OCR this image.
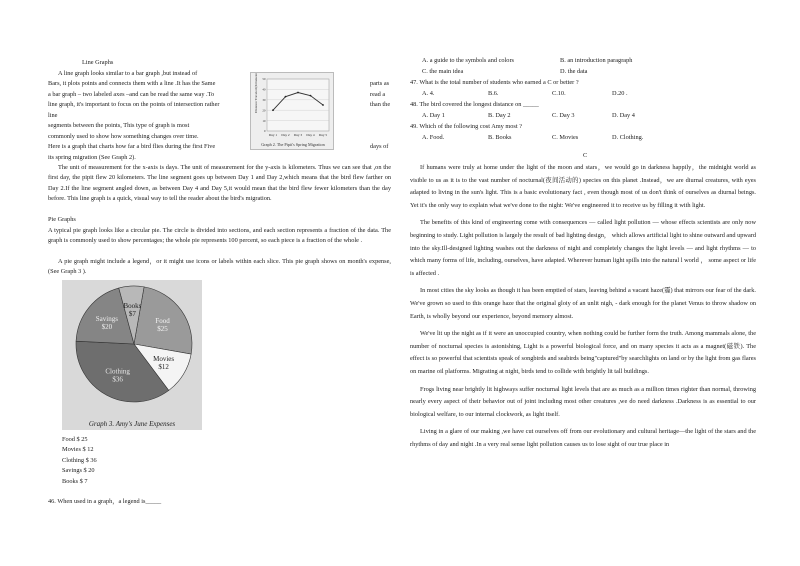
Line Graphs

A line graph looks similar to a bar graph ,but instead of

Bars, it plots points and connects them with a line .It has the Same

a bar graph – two labeled axes –and can be read the same way .To

line graph, it's important to focus on the points of intersection rather

line

segments between the points, This type of graph is most

commonly used to show how something changes over time.

Here is a graph that charts how far a bird flies during the first Five

its spring migration (See Graph 2).

parts as

read a

than the

days of

50
40
30
20
10
0
Day 1 Day 2 Day 3 Day 4 Day 5
Distance Traveled (Kilometers)
Graph 2. The Pipit's Spring Migration

The unit of measurement for the x-axis is days. The unit of measurement for the y-axis is kilometers. Thus we can see that ,on the first day, the pipit flew 20 kilometers. The line segment goes up between Day 1 and Day 2,which means that the bird flew farther on Day 2.If the line segment angled down, as between Day 4 and Day 5,it would mean that the bird flew fewer kilometers than the day before. This line graph is a quick, visual way to tell the reader about the bird's migration.

Pie Graphs

A typical pie graph looks like a circular pie. The circle is divided into sections, and each section represents a fraction of the data. The graph is commonly used to show percentages; the whole pie represents 100 percent, so each piece is a fraction of the whole .

A pie graph might include a legend，or it might use icons or labels within each slice. This pie graph shows on month's expense, (See Graph 3 ).

Food
$25
Movies
$12
Clothing
$36
Savings
$20
Books
$7
Graph 3. Amy's June Expenses

Food $ 25

Movies $ 12

Clothing $ 36

Savings $ 20

Books $ 7

46. When used in a graph，a legend is_____

A. a guide to the symbols and colors	B. an introduction paragraph
C. the main idea	D. the data
47. What is the total number of students who earned a C or better ?
A. 4.	B.6.	C.10.	D.20 .
48. The bird covered the longest distance on _____
A. Day 1	B. Day 2	C. Day 3	D. Day 4
49. Which of the following cost Amy most ?
A. Food.	B. Books	C. Movies	D. Clothing.
C

If humans were truly at home under the light of the moon and stars，we would go in darkness happily，the midnight world as visible to us as it is to the vast number of nocturnal(夜间活动的) species on this planet .Instead，we are diurnal creatures, with eyes adapted to living in the sun's light. This is a basic evolutionary fact , even though most of us don't think of ourselves as diurnal beings. Yet it's the only way to explain what we've done to the night: We've engineered it to receive us by filling it with light.

The benefits of this kind of engineering come with consequences — called light pollution — whose effects scientists are only now beginning to study. Light pollution is largely the result of bad lighting design， which allows artificial light to shine outward and upward into the sky.Ill-designed lighting washes out the darkness of night and completely changes the light levels — and light rhythms — to which many forms of life, including, ourselves, have adapted. Wherever human light spills into the natural l world ， some aspect or life is affected .

In most cities the sky looks as though it has been emptied of stars, leaving behind a vacant haze(霾) that mirrors our fear of the dark. We've grown so used to this orange haze that the original gloiy of an unlit nigh, - dark enough for the planet Venus to throw shadow on Earth, is wholly beyond our experience, beyond memory almost.

We've lit up the night as if it were an unoccupied country, when nothing could be further form the truth. Among mammals alone, the number of nocturnal species is astonishing, Light is a powerful biological force, and on many species it acts as a magnet(磁铁). The effect is so powerful that scientists speak of songbirds and seabirds being"captured"by searchlights on land or by the light from gas flares on marine oil platforms. Migrating at night, birds tend to collide with brightly lit tall buildings.

Frogs living near brightly lit highways suffer nocturnal light levels that are as much as a million times righter than normal, throwing nearly every aspect of their behavior out of joint including most other creatures ,we do need darkness .Darkness is as essential to our biological welfare, to our internal clockwork, as light itself.

Living in a glare of our making ,we have cut ourselves off from our evolutionary and cultural heritage—the light of the stars and the rhythms of day and night .In a very real sense light pollution causes us to lose sight of our true place in
